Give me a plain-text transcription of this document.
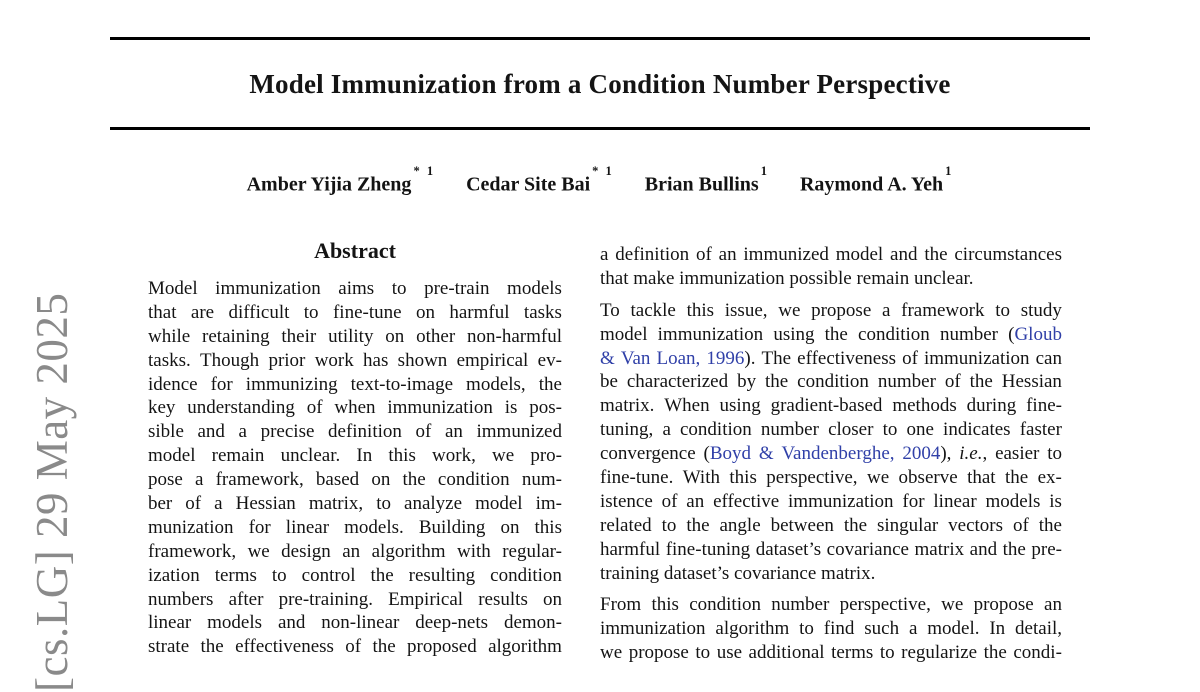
[cs.LG] 29 May 2025
Model Immunization from a Condition Number Perspective
Amber Yijia Zheng$^{* 1}$ Cedar Site Bai$^{* 1}$ Brian Bullins$^1$ Raymond A. Yeh$^1$
Abstract
Model immunization aims to pre-train models
that are difficult to fine-tune on harmful tasks
while retaining their utility on other non-harmful
tasks. Though prior work has shown empirical ev-
idence for immunizing text-to-image models, the
key understanding of when immunization is pos-
sible and a precise definition of an immunized
model remain unclear. In this work, we pro-
pose a framework, based on the condition num-
ber of a Hessian matrix, to analyze model im-
munization for linear models. Building on this
framework, we design an algorithm with regular-
ization terms to control the resulting condition
numbers after pre-training. Empirical results on
linear models and non-linear deep-nets demon-
strate the effectiveness of the proposed algorithm
a definition of an immunized model and the circumstances
that make immunization possible remain unclear.
To tackle this issue, we propose a framework to study
model immunization using the condition number (Gloub
& Van Loan, 1996). The effectiveness of immunization can
be characterized by the condition number of the Hessian
matrix. When using gradient-based methods during fine-
tuning, a condition number closer to one indicates faster
convergence (Boyd & Vandenberghe, 2004), i.e., easier to
fine-tune. With this perspective, we observe that the ex-
istence of an effective immunization for linear models is
related to the angle between the singular vectors of the
harmful fine-tuning dataset’s covariance matrix and the pre-
training dataset’s covariance matrix.
From this condition number perspective, we propose an
immunization algorithm to find such a model. In detail,
we propose to use additional terms to regularize the condi-
